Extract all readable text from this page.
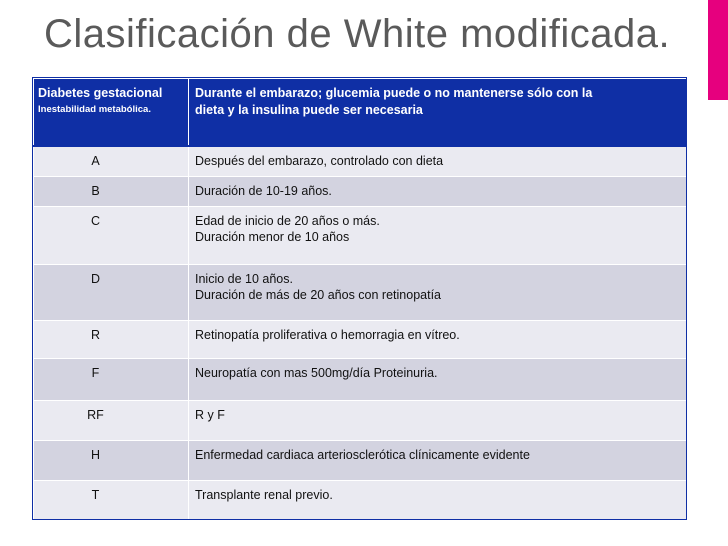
Clasificación de White modificada.
Diabetes gestacional
Inestabilidad metabólica.	Durante el embarazo; glucemia puede o no mantenerse sólo con la
dieta y la insulina puede ser necesaria

A	Después del embarazo, controlado con dieta

B	Duración de 10-19 años.

C	Edad de inicio de 20 años o más.
Duración menor de 10 años

D	Inicio de 10 años.
Duración de más de 20 años con retinopatía

R	Retinopatía proliferativa o hemorragia en vítreo.

F	Neuropatía con mas 500mg/día Proteinuria.

RF	R y F

H	Enfermedad cardiaca arteriosclerótica clínicamente evidente

T	Transplante renal previo.
